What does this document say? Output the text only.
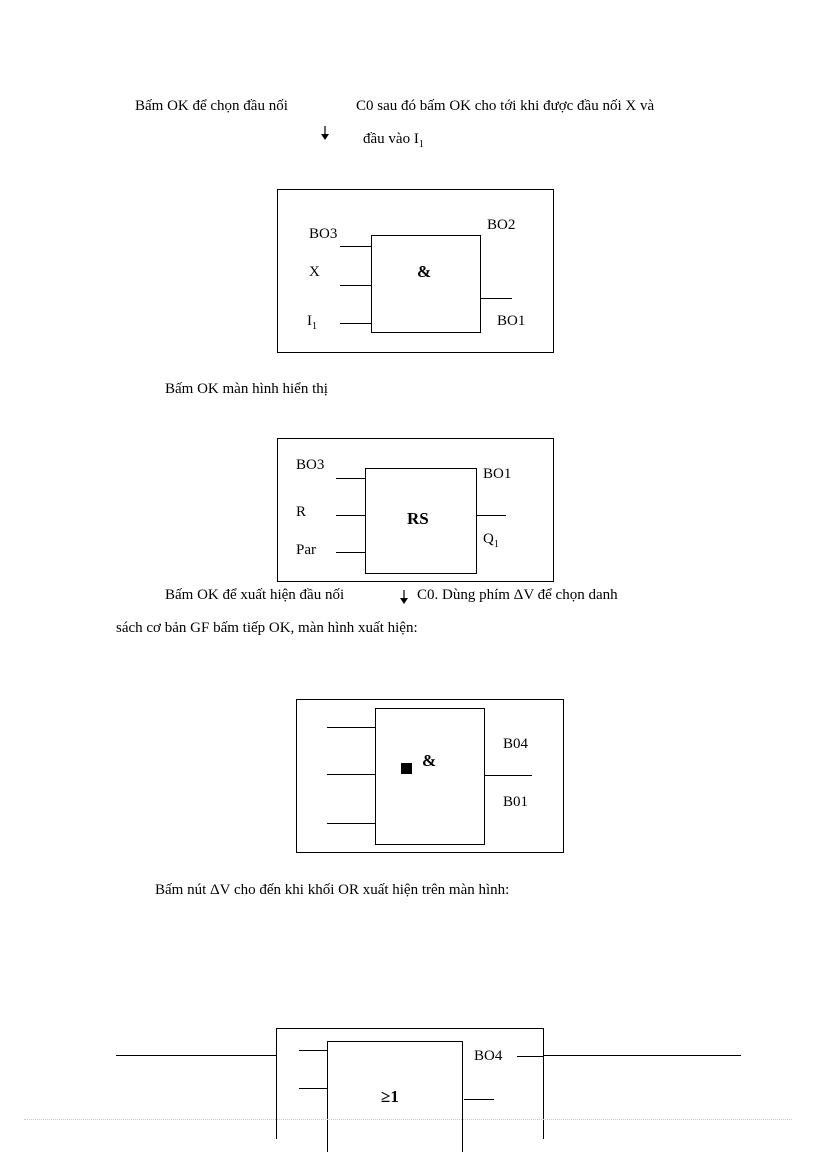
Bấm OK để chọn đầu nối	C0 sau đó bấm OK cho tới khi được đầu nối X và
đầu vào $I_1$
&
BO3
X
$I_1$
BO2
BO1
Bấm OK màn hình hiển thị
RS
BO3
R
Par
BO1
$Q_1$
Bấm OK để xuất hiện đầu nối	C0. Dùng phím ΔV để chọn danh
sách cơ bản GF bấm tiếp OK, màn hình xuất hiện:
&
B04
B01
Bấm nút ΔV cho đến khi khối OR xuất hiện trên màn hình:
≥1
BO4
